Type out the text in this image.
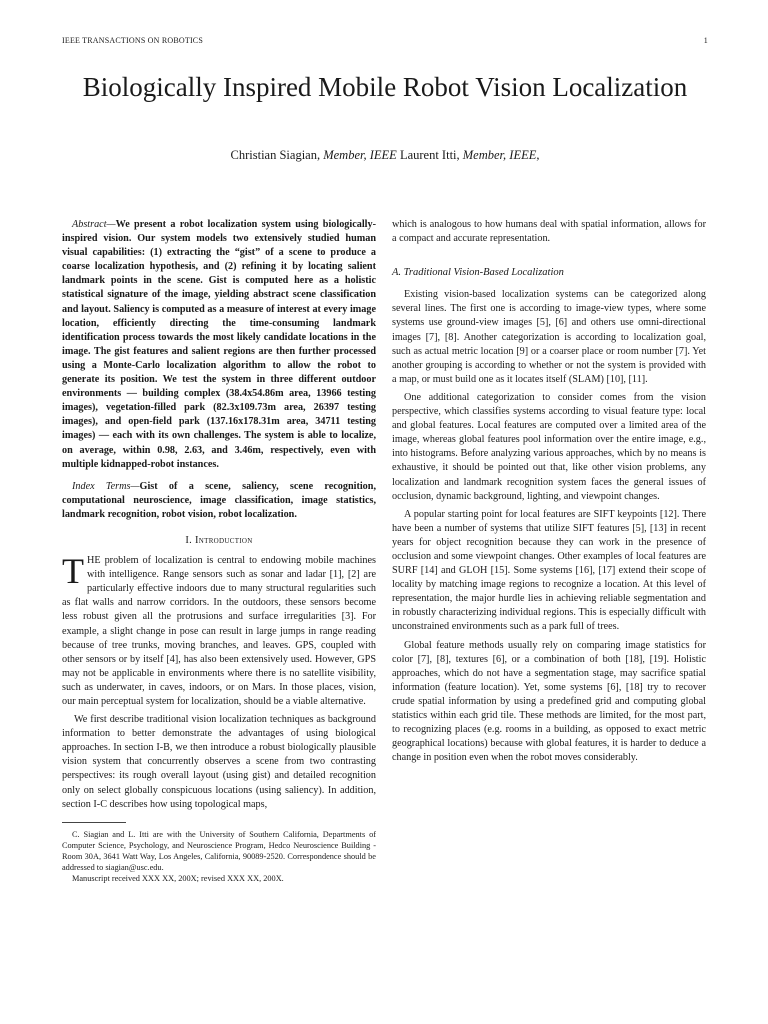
IEEE TRANSACTIONS ON ROBOTICS	1
Biologically Inspired Mobile Robot Vision Localization
Christian Siagian, Member, IEEE Laurent Itti, Member, IEEE,

Abstract—We present a robot localization system using biologically-inspired vision. Our system models two extensively studied human visual capabilities: (1) extracting the “gist” of a scene to produce a coarse localization hypothesis, and (2) refining it by locating salient landmark points in the scene. Gist is computed here as a holistic statistical signature of the image, yielding abstract scene classification and layout. Saliency is computed as a measure of interest at every image location, efficiently directing the time-consuming landmark identification process towards the most likely candidate locations in the image. The gist features and salient regions are then further processed using a Monte-Carlo localization algorithm to allow the robot to generate its position. We test the system in three different outdoor environments — building complex (38.4x54.86m area, 13966 testing images), vegetation-filled park (82.3x109.73m area, 26397 testing images), and open-field park (137.16x178.31m area, 34711 testing images) — each with its own challenges. The system is able to localize, on average, within 0.98, 2.63, and 3.46m, respectively, even with multiple kidnapped-robot instances.

Index Terms—Gist of a scene, saliency, scene recognition, computational neuroscience, image classification, image statistics, landmark recognition, robot vision, robot localization.

I. Introduction

THE problem of localization is central to endowing mobile machines with intelligence. Range sensors such as sonar and ladar [1], [2] are particularly effective indoors due to many structural regularities such as flat walls and narrow corridors. In the outdoors, these sensors become less robust given all the protrusions and surface irregularities [3]. For example, a slight change in pose can result in large jumps in range reading because of tree trunks, moving branches, and leaves. GPS, coupled with other sensors or by itself [4], has also been extensively used. However, GPS may not be applicable in environments where there is no satellite visibility, such as underwater, in caves, indoors, or on Mars. In those places, vision, our main perceptual system for localization, should be a viable alternative.

We first describe traditional vision localization techniques as background information to better demonstrate the advantages of using biological approaches. In section I-B, we then introduce a robust biologically plausible vision system that concurrently observes a scene from two contrasting perspectives: its rough overall layout (using gist) and detailed recognition only on select globally conspicuous locations (using saliency). In addition, section I-C describes how using topological maps,

C. Siagian and L. Itti are with the University of Southern California, Departments of Computer Science, Psychology, and Neuroscience Program, Hedco Neuroscience Building - Room 30A, 3641 Watt Way, Los Angeles, California, 90089-2520. Correspondence should be addressed to siagian@usc.edu.

Manuscript received XXX XX, 200X; revised XXX XX, 200X.

which is analogous to how humans deal with spatial information, allows for a compact and accurate representation.

A. Traditional Vision-Based Localization

Existing vision-based localization systems can be categorized along several lines. The first one is according to image-view types, where some systems use ground-view images [5], [6] and others use omni-directional images [7], [8]. Another categorization is according to localization goal, such as actual metric location [9] or a coarser place or room number [7]. Yet another grouping is according to whether or not the system is provided with a map, or must build one as it locates itself (SLAM) [10], [11].

One additional categorization to consider comes from the vision perspective, which classifies systems according to visual feature type: local and global features. Local features are computed over a limited area of the image, whereas global features pool information over the entire image, e.g., into histograms. Before analyzing various approaches, which by no means is exhaustive, it should be pointed out that, like other vision problems, any localization and landmark recognition system faces the general issues of occlusion, dynamic background, lighting, and viewpoint changes.

A popular starting point for local features are SIFT keypoints [12]. There have been a number of systems that utilize SIFT features [5], [13] in recent years for object recognition because they can work in the presence of occlusion and some viewpoint changes. Other examples of local features are SURF [14] and GLOH [15]. Some systems [16], [17] extend their scope of locality by matching image regions to recognize a location. At this level of representation, the major hurdle lies in achieving reliable segmentation and in robustly characterizing individual regions. This is especially difficult with unconstrained environments such as a park full of trees.

Global feature methods usually rely on comparing image statistics for color [7], [8], textures [6], or a combination of both [18], [19]. Holistic approaches, which do not have a segmentation stage, may sacrifice spatial information (feature location). Yet, some systems [6], [18] try to recover crude spatial information by using a predefined grid and computing global statistics within each grid tile. These methods are limited, for the most part, to recognizing places (e.g. rooms in a building, as opposed to exact metric geographical locations) because with global features, it is harder to deduce a change in position even when the robot moves considerably.
